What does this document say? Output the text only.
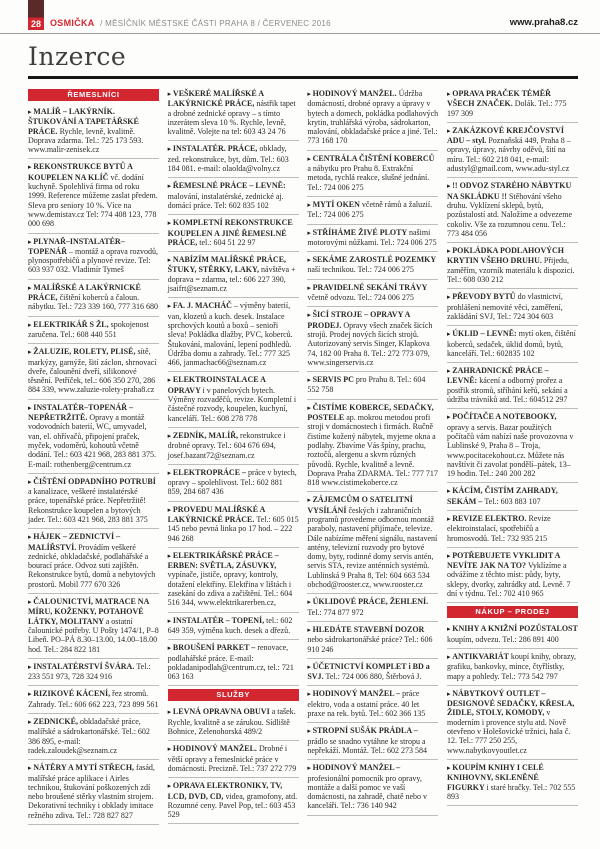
28 OSMIČKA / MĚSÍČNÍK MĚSTSKÉ ČÁSTI PRAHA 8 / ČERVENEC 2016	www.praha8.cz
Inzerce
ŘEMESLNÍCI
▸ MALÍŘ – LAKÝRNÍK. ŠTUKOVÁNÍ A TAPETÁŘSKÉ PRÁCE. Rychle, levně, kvalitně. Doprava zdarma. Tel.: 725 173 593. www.malir-zenisek.cz
▸ REKONSTRUKCE BYTŮ A KOUPELEN NA KLÍČ vč. dodání kuchyně. Spolehlivá firma od roku 1999. Reference můžeme zaslat předem. Sleva pro seniory 10 %. Více na www.demistav.cz Tel: 774 408 123, 778 000 698
▸ PLYNAŘ–INSTALATÉR–TOPENÁŘ – montáž a oprava rozvodů, plynospotřebičů a plynové revize. Tel: 603 937 032. Vladimír Tymeš
▸ MALÍŘSKÉ A LAKÝRNICKÉ PRÁCE, čištění koberců a čaloun. nábytku. Tel.: 723 339 160, 777 316 680
▸ ELEKTRIKÁŘ S ŽL, spokojenost zaručena. Tel.: 608 440 551
▸ ŽALUZIE, ROLETY, PLISÉ, sítě, markýzy, garnýže, šití záclon, shrnovací dveře, čalounění dveří, silikonové těsnění. Petříček, tel.: 606 350 270, 286 884 339, www.zaluzie-rolety-praha8.cz
▸ INSTALATÉR–TOPENÁŘ – NEPŘETRŽITĚ. Opravy a montáž vodovodních baterií, WC, umyvadel, van, el. ohřívačů, připojení praček, myček, vodoměrů, kohoutů včetně dodání. Tel.: 603 421 968, 283 881 375. E-mail: rothenberg@centrum.cz
▸ ČIŠTĚNÍ ODPADNÍHO POTRUBÍ a kanalizace, veškeré instalatérské práce, topenářské práce. Nepřetržitě! Rekonstrukce koupelen a bytových jader. Tel.: 603 421 968, 283 881 375
▸ HÁJEK – ZEDNICTVÍ – MALÍŘSTVÍ. Provádím veškeré zednické, obkladačské, podlahářské a bourací práce. Odvoz suti zajištěn. Rekonstrukce bytů, domů a nebytových prostorů. Mobil 777 670 326
▸ ČALOUNICTVÍ, MATRACE NA MÍRU, KOŽENKY, POTAHOVÉ LÁTKY, MOLITANY a ostatní čalounické potřeby. U Pošty 1474/1, P–8 Libeň. PO–PÁ 8.30–13.00, 14.00–18.00 hod. Tel.: 284 822 181
▸ INSTALATÉRSTVÍ ŠVÁRA. Tel.: 233 551 973, 728 324 916
▸ RIZIKOVÉ KÁCENÍ, řez stromů. Zahrady. Tel.: 606 662 223, 723 899 561
▸ ZEDNICKÉ, obkladačské práce, malířské a sádrokartonářské. Tel.: 602 386 895, e-mail: radek.zaloudek@seznam.cz
▸ NÁTĚRY A MYTÍ STŘECH, fasád, malířské práce aplikace i Airles technikou, štukování poškozených zdí nebo broušené stěrky vlastním strojem. Dekorativní techniky i obklady imitace režného zdiva. Tel.: 728 827 827
▸ VEŠKERÉ MALÍŘSKÉ A LAKÝRNICKÉ PRÁCE, nástřik tapet a drobné zednické opravy – s tímto inzerátem sleva 10 %. Rychle, levně, kvalitně. Volejte na tel: 603 43 24 76
▸ INSTALATÉR. PRÁCE, obklady, zed. rekonstrukce, byt, dům. Tel.: 603 184 081. e-mail: olaolda@volny.cz
▸ ŘEMESLNÉ PRÁCE – LEVNĚ: malování, instalatérské, zednické aj. domácí práce. Tel: 602 835 102
▸ KOMPLETNÍ REKONSTRUKCE KOUPELEN A JINÉ ŘEMESLNÉ PRÁCE, tel.: 604 51 22 97
▸ NABÍZÍM MALÍŘSKÉ PRÁCE, ŠTUKY, STĚRKY, LAKY, návštěva + doprava = zdarma, tel.: 606 227 390, jsaifrt@seznam.cz
▸ FA. J. MACHÁČ – výměny baterií, van, klozetů a kuch. desek. Instalace sprchových koutů a boxů – senioři sleva! Pokládka dlažby, PVC, koberců. Štukování, malování, lepení podhledů. Údržba domu a zahrady. Tel.: 777 325 466, janmachac66@seznam.cz
▸ ELEKTROINSTALACE A OPRAVY i v panelových bytech. Výměny rozvaděčů, revize. Kompletní i částečné rozvody, koupelen, kuchyní, kanceláří. Tel.: 608 278 778
▸ ZEDNÍK, MALÍŘ, rekonstrukce i drobné opravy. Tel.: 604 676 694, josef.bazant72@seznam.cz
▸ ELEKTROPRÁCE – práce v bytech, opravy – spolehlivost. Tel.: 602 881 859, 284 687 436
▸ PROVEDU MALÍŘSKÉ A LAKÝRNICKÉ PRÁCE. Tel.: 605 015 145 nebo pevná linka po 17 hod. – 222 946 268
▸ ELEKTRIKÁŘSKÉ PRÁCE – ERBEN: SVĚTLA, ZÁSUVKY, vypínače, jističe, opravy, kontroly, dotažení elektřiny. Elektřina v lištách i zasekání do zdiva a začištění. Tel.: 604 516 344, www.elektrikarerben.cz,
▸ INSTALATÉR – TOPENÍ, tel.: 602 649 359, výměna kuch. desek a dřezů.
▸ BROUŠENÍ PARKET – renovace, podlahářské práce. E-mail: pokladanipodlah@centrum.cz, tel.: 721 063 163
SLUŽBY
▸ LEVNÁ OPRAVNA OBUVI a tašek. Rychle, kvalitně a se zárukou. Sídliště Bohnice, Zelenohorská 489/2
▸ HODINOVÝ MANŽEL. Drobné i větší opravy a řemeslnické práce v domácnosti. Precizně. Tel.: 737 272 779
▸ OPRAVA ELEKTRONIKY, TV, LCD, DVD, CD, videa, gramofony, atd. Rozumné ceny. Pavel Pop, tel.: 603 453 529
▸ HODINOVÝ MANŽEL. Údržba domácností, drobné opravy a úpravy v bytech a domech, pokládka podlahových krytin, truhlářská výroba, sádrokarton, malování, obkladačské práce a jiné. Tel.: 773 168 170
▸ CENTRÁLA ČIŠTĚNÍ KOBERCŮ a nábytku pro Prahu 8. Extrakční metoda, rychlá reakce, slušné jednání. Tel.: 724 006 275
▸ MYTÍ OKEN včetně rámů a žaluzií. Tel.: 724 006 275
▸ STŘÍHÁME ŽIVÉ PLOTY našimi motorovými nůžkami. Tel.: 724 006 275
▸ SEKÁME ZAROSTLÉ POZEMKY naší technikou. Tel.: 724 006 275
▸ PRAVIDELNÉ SEKÁNÍ TRÁVY včetně odvozu. Tel.: 724 006 275
▸ ŠICÍ STROJE – OPRAVY A PRODEJ. Opravy všech značek šicích strojů. Prodej nových šicích strojů. Autorizovaný servis Singer, Klapkova 74, 182 00 Praha 8. Tel.: 272 773 079, www.singerservis.cz
▸ SERVIS PC pro Prahu 8. Tel.: 604 552 758
▸ ČISTÍME KOBERCE, SEDAČKY, POSTELE ap. mokrou metodou profi stroji v domácnostech i firmách. Ručně čistíme kožený nábytek, myjeme okna a podlahy. Zbavíme Vás špíny, prachu, roztočů, alergenu a skvrn různých původů. Rychle, kvalitně a levně. Doprava Praha ZDARMA. Tel.: 777 717 818 www.cistimekoberce.cz
▸ ZÁJEMCŮM O SATELITNÍ VYSÍLÁNÍ českých i zahraničních programů provedeme odbornou montáž paraboly, nastavení přijímače, televize. Dále nabízíme měření signálu, nastavení antény, televizní rozvody pro bytové domy, byty, rodinné domy servis antén, servis STA, revize anténních systémů. Lublinská 9 Praha 8, Tel: 604 663 534 obchod@rooster.cz, www.rooster.cz
▸ ÚKLIDOVÉ PRÁCE, ŽEHLENÍ. Tel.: 774 877 972
▸ HLEDÁTE STAVEBNÍ DOZOR nebo sádrokartonářské práce? Tel.: 606 910 246
▸ ÚČETNICTVÍ KOMPLET i BD a SVJ. Tel.: 724 006 880, Štěrbová J.
▸ HODINOVÝ MANŽEL – práce elektro, voda a ostatní práce. 40 let praxe na rek. bytů. Tel.: 602 366 135
▸ STROPNÍ SUŠÁK PRÁDLA – prádlo se snadno vytáhne ke stropu a nepřekáží. Montáž. Tel.: 602 273 584
▸ HODINOVÝ MANŽEL – profesionální pomocník pro opravy, montáže a další pomoc ve vaší domácnosti, na zahradě, chatě nebo v kanceláři. Tel.: 736 140 942
▸ OPRAVA PRAČEK TÉMĚŘ VŠECH ZNAČEK. Dolák. Tel.: 775 197 309
▸ ZAKÁZKOVÉ KREJČOVSTVÍ ADU – styl. Poznaňská 449, Praha 8 – opravy, úpravy, návrhy oděvů, šití na míru. Tel.: 602 218 041, e-mail: adustyl@gmail.com, www.adu-styl.cz
▸ !! ODVOZ STARÉHO NÁBYTKU NA SKLÁDKU !! Stěhování všeho druhu. Vyklízení sklepů, bytů, pozůstalostí atd. Naložíme a odvezeme cokoliv. Vše za rozumnou cenu. Tel.: 773 484 056
▸ POKLÁDKA PODLAHOVÝCH KRYTIN VŠEHO DRUHU. Přijedu, zaměřím, vzorník materiálu k dispozici. Tel.: 608 030 212
▸ PŘEVODY BYTŮ do vlastnictví, prohlášení nemovité věci, zaměření, zakládání SVJ, Tel.: 724 304 603
▸ ÚKLID – LEVNĚ: mytí oken, čištění koberců, sedaček, úklid domů, bytů, kanceláří. Tel.: 602835 102
▸ ZAHRADNICKÉ PRÁCE – LEVNĚ: kácení a odborný prořez a postřik stromů, stříhání keřů, sekání a údržba trávníků atd. Tel.: 604512 297
▸ POČÍTAČE A NOTEBOOKY, opravy a servis. Bazar použitých počítačů vám nabízí naše provozovna v Lublinské 9, Praha 8 – Troja, www.pocitacekohout.cz. Můžete nás navštívit či zavolat pondělí–pátek, 13–19 hodin. Tel.: 240 200 282
▸ KÁCÍM, ČISTÍM ZAHRADY, SEKÁM – Tel.: 603 883 107
▸ REVIZE ELEKTRO. Revize elektroinstalací, spotřebičů a hromosvodů. Tel.: 732 935 215
▸ POTŘEBUJETE VYKLIDIT A NEVÍTE JAK NA TO? Vyklízíme a odvážíme z těchto míst: půdy, byty, sklepy, dvorky, zahrádky atd. Levně. 7 dní v týdnu. Tel.: 702 410 965
NÁKUP – PRODEJ
▸ KNIHY A KNIŽNÍ POZŮSTALOST koupím, odvezu. Tel.: 286 891 400
▸ ANTIKVARIÁT koupí knihy, obrazy, grafiku, bankovky, mince, čtyřlístky, mapy a pohledy. Tel.: 773 542 797
▸ NÁBYTKOVÝ OUTLET – DESIGNOVÉ SEDAČKY, KŘESLA, ŽIDLE, STOLY, KOMODY, v moderním i provence stylu atd. Nově otevřeno v Holešovické tržnici, hala č. 12. Tel.: 777 250 255, www.nabytkovyoutlet.cz
▸ KOUPÍM KNIHY I CELÉ KNIHOVNY, SKLENĚNÉ FIGURKY i staré hračky. Tel.: 702 555 893
